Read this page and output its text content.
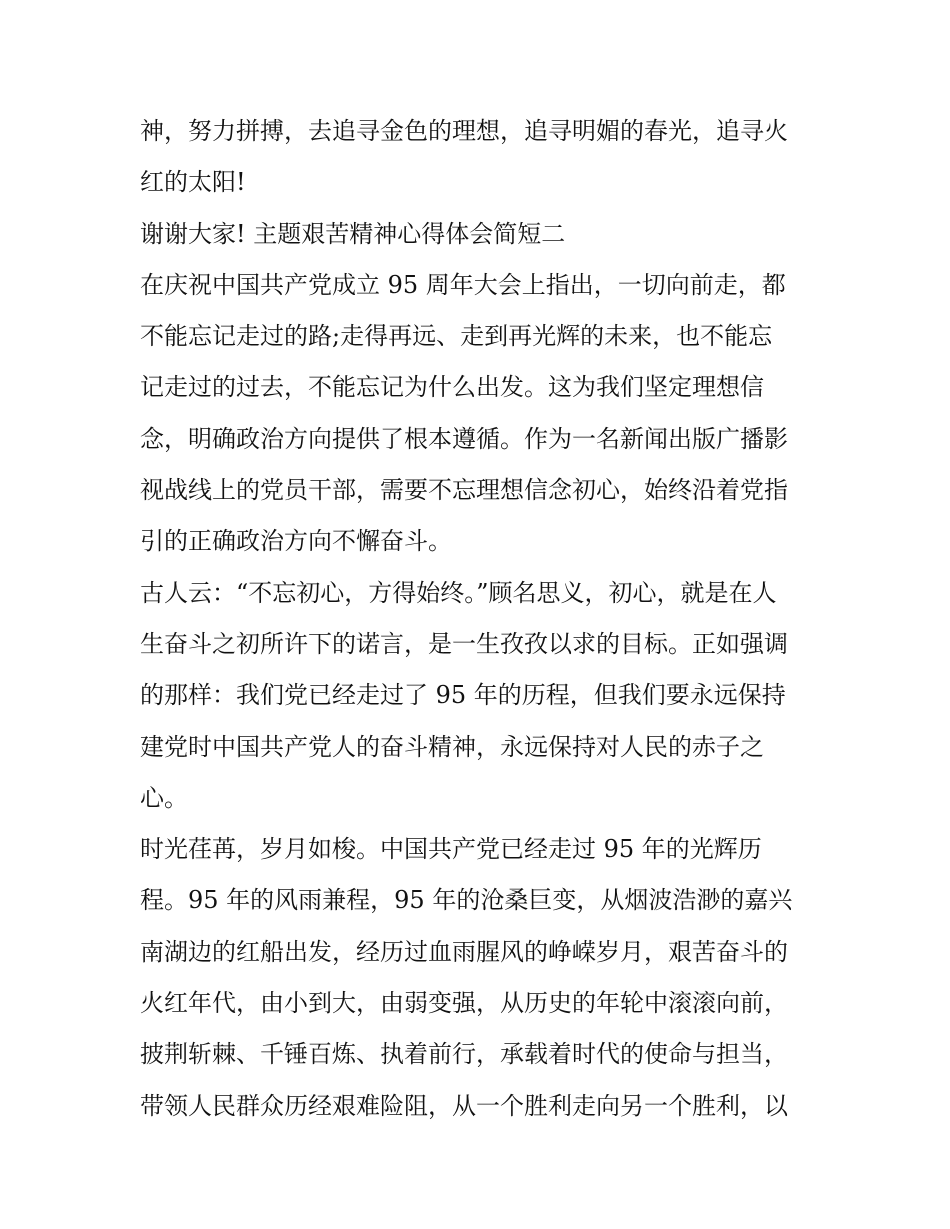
神，努力拼搏，去追寻金色的理想，追寻明媚的春光，追寻火
红的太阳!
谢谢大家! 主题艰苦精神心得体会简短二
在庆祝中国共产党成立 95 周年大会上指出，一切向前走，都
不能忘记走过的路;走得再远、走到再光辉的未来，也不能忘
记走过的过去，不能忘记为什么出发。这为我们坚定理想信
念，明确政治方向提供了根本遵循。作为一名新闻出版广播影
视战线上的党员干部，需要不忘理想信念初心，始终沿着党指
引的正确政治方向不懈奋斗。
古人云：“不忘初心，方得始终。”顾名思义，初心，就是在人
生奋斗之初所许下的诺言，是一生孜孜以求的目标。正如强调
的那样：我们党已经走过了 95 年的历程，但我们要永远保持
建党时中国共产党人的奋斗精神，永远保持对人民的赤子之
心。
时光荏苒，岁月如梭。中国共产党已经走过 95 年的光辉历
程。95 年的风雨兼程，95 年的沧桑巨变，从烟波浩渺的嘉兴
南湖边的红船出发，经历过血雨腥风的峥嵘岁月，艰苦奋斗的
火红年代，由小到大，由弱变强，从历史的年轮中滚滚向前，
披荆斩棘、千锤百炼、执着前行，承载着时代的使命与担当，
带领人民群众历经艰难险阻，从一个胜利走向另一个胜利，以
